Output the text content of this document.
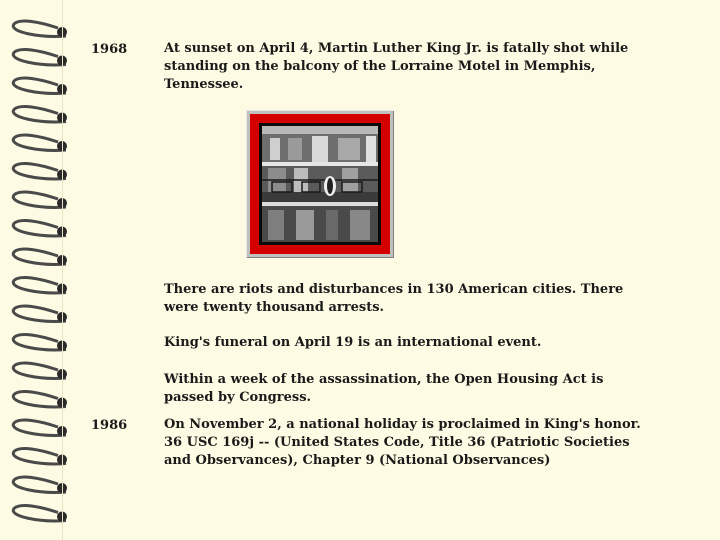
1968	At sunset on April 4, Martin Luther King Jr. is fatally shot while
standing on the balcony of the Lorraine Motel in Memphis,
Tennessee.
There are riots and disturbances in 130 American cities. There
were twenty thousand arrests.
King's funeral on April 19 is an international event.
Within a week of the assassination, the Open Housing Act is
passed by Congress.
1986	On November 2, a national holiday is proclaimed in King's honor.
36 USC 169j -- (United States Code, Title 36 (Patriotic Societies
and Observances), Chapter 9 (National Observances)
